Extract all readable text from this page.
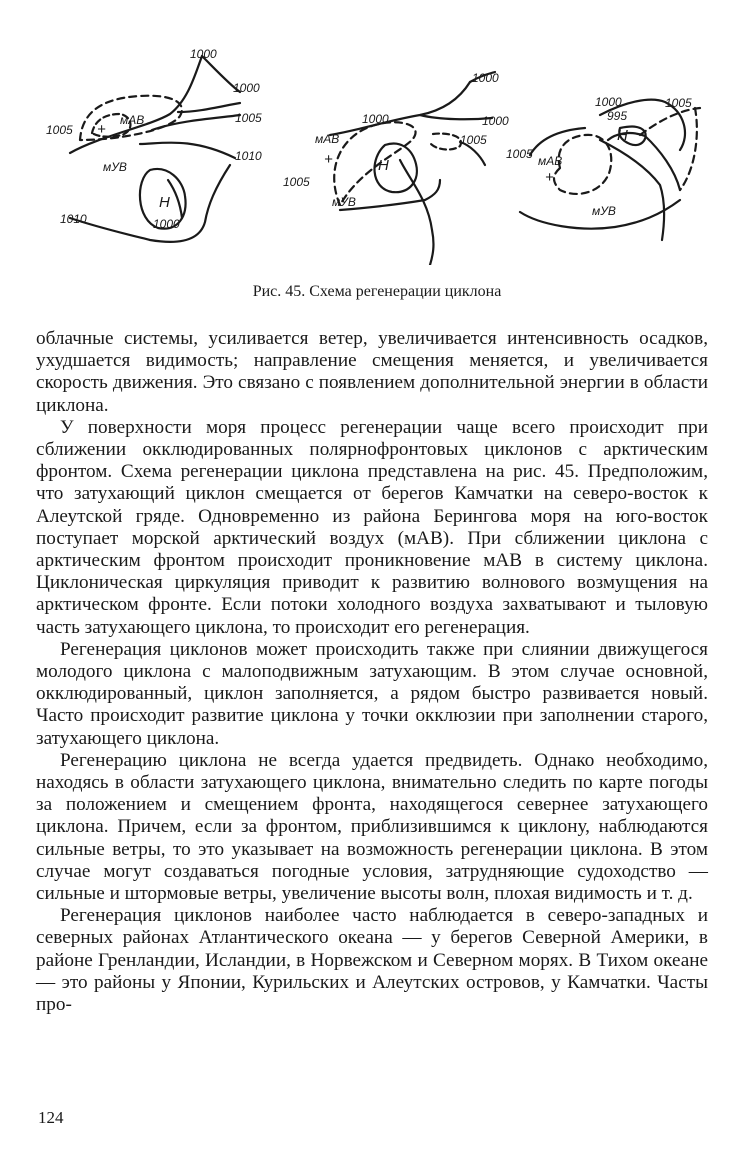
1000
1000
1005
1005
1010
1010	1000
мАВ
мУВ
Н
+
1000
1000
1000
1005
1005
мАВ
мУВ
Н
+
1000
995
1005
1005 мАВ
мУВ
Н
+
Рис. 45. Схема регенерации циклона

облачные системы, усиливается ветер, увеличивается интенсивность осадков, ухудшается видимость; направление смещения меняется, и увеличивается скорость движения. Это связано с появлением дополнительной энергии в области циклона.

У поверхности моря процесс регенерации чаще всего происходит при сближении окклюдированных полярнофронтовых циклонов с арктическим фронтом. Схема регенерации циклона представлена на рис. 45. Предположим, что затухающий циклон смещается от берегов Камчатки на северо-восток к Алеутской гряде. Одновременно из района Берингова моря на юго-восток поступает морской арктический воздух (мАВ). При сближении циклона с арктическим фронтом происходит проникновение мАВ в систему циклона. Циклоническая циркуляция приводит к развитию волнового возмущения на арктическом фронте. Если потоки холодного воздуха захватывают и тыловую часть затухающего циклона, то происходит его регенерация.

Регенерация циклонов может происходить также при слиянии движущегося молодого циклона с малоподвижным затухающим. В этом случае основной, окклюдированный, циклон заполняется, а рядом быстро развивается новый. Часто происходит развитие циклона у точки окклюзии при заполнении старого, затухающего циклона.

Регенерацию циклона не всегда удается предвидеть. Однако необходимо, находясь в области затухающего циклона, внимательно следить по карте погоды за положением и смещением фронта, находящегося севернее затухающего циклона. Причем, если за фронтом, приблизившимся к циклону, наблюдаются сильные ветры, то это указывает на возможность регенерации циклона. В этом случае могут создаваться погодные условия, затрудняющие судоходство — сильные и штормовые ветры, увеличение высоты волн, плохая видимость и т. д.

Регенерация циклонов наиболее часто наблюдается в северо-западных и северных районах Атлантического океана — у берегов Северной Америки, в районе Гренландии, Исландии, в Норвежском и Северном морях. В Тихом океане — это районы у Японии, Курильских и Алеутских островов, у Камчатки. Часты про-

124
